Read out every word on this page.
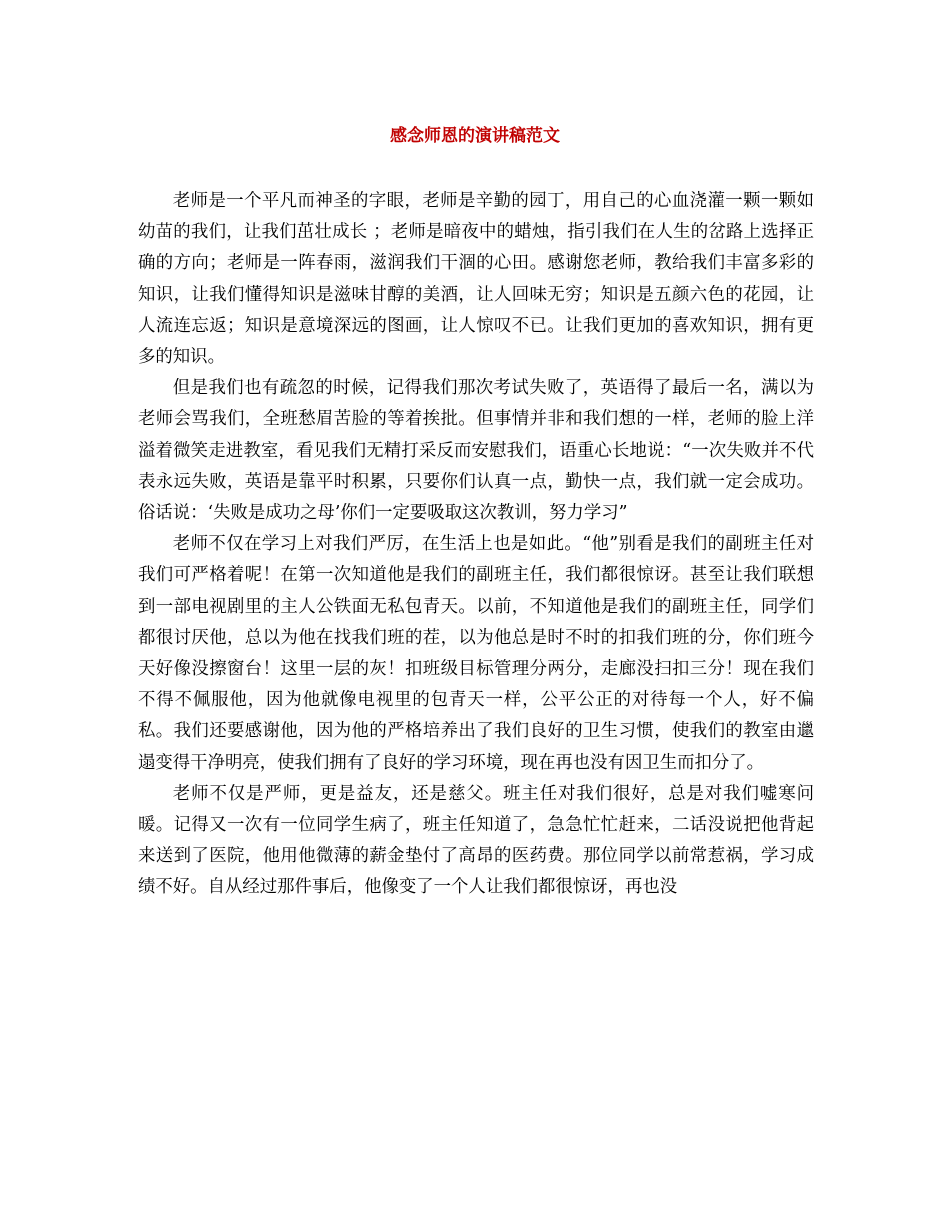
感念师恩的演讲稿范文

老师是一个平凡而神圣的字眼，老师是辛勤的园丁，用自己的心血浇灌一颗一颗如幼苗的我们，让我们茁壮成长 ；老师是暗夜中的蜡烛，指引我们在人生的岔路上选择正确的方向；老师是一阵春雨，滋润我们干涸的心田。感谢您老师，教给我们丰富多彩的知识，让我们懂得知识是滋味甘醇的美酒，让人回味无穷；知识是五颜六色的花园，让人流连忘返；知识是意境深远的图画，让人惊叹不已。让我们更加的喜欢知识，拥有更多的知识。

但是我们也有疏忽的时候，记得我们那次考试失败了，英语得了最后一名，满以为老师会骂我们，全班愁眉苦脸的等着挨批。但事情并非和我们想的一样，老师的脸上洋溢着微笑走进教室，看见我们无精打采反而安慰我们，语重心长地说：“一次失败并不代表永远失败，英语是靠平时积累，只要你们认真一点，勤快一点，我们就一定会成功。俗话说：‘失败是成功之母’你们一定要吸取这次教训，努力学习”

老师不仅在学习上对我们严厉，在生活上也是如此。“他”别看是我们的副班主任对我们可严格着呢！在第一次知道他是我们的副班主任，我们都很惊讶。甚至让我们联想到一部电视剧里的主人公铁面无私包青天。以前，不知道他是我们的副班主任，同学们都很讨厌他，总以为他在找我们班的茬，以为他总是时不时的扣我们班的分，你们班今天好像没擦窗台！这里一层的灰！扣班级目标管理分两分，走廊没扫扣三分！现在我们不得不佩服他，因为他就像电视里的包青天一样，公平公正的对待每一个人，好不偏私。我们还要感谢他，因为他的严格培养出了我们良好的卫生习惯，使我们的教室由邋遢变得干净明亮，使我们拥有了良好的学习环境，现在再也没有因卫生而扣分了。

老师不仅是严师，更是益友，还是慈父。班主任对我们很好，总是对我们嘘寒问暖。记得又一次有一位同学生病了，班主任知道了，急急忙忙赶来，二话没说把他背起来送到了医院，他用他微薄的薪金垫付了高昂的医药费。那位同学以前常惹祸，学习成绩不好。自从经过那件事后，他像变了一个人让我们都很惊讶，再也没
